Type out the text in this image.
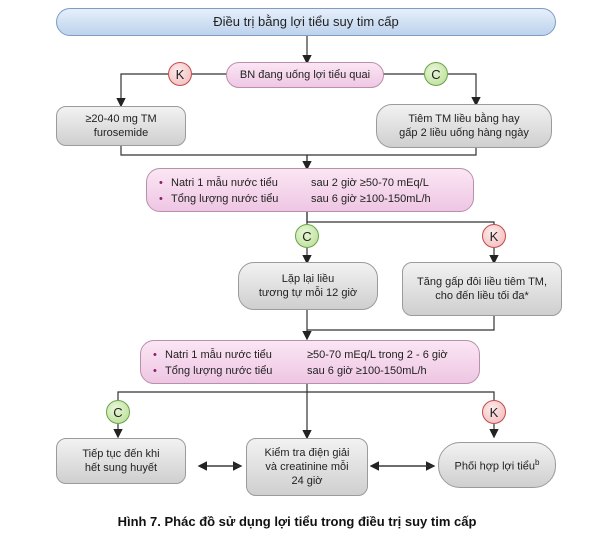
Điều trị bằng lợi tiểu suy tim cấp
BN đang uống lợi tiểu quai
K	C
≥20-40 mg TM
furosemide
Tiêm TM liều bằng hay
gấp 2 liều uống hàng ngày
• Natri 1 mẫu nước tiểu	sau 2 giờ ≥50-70 mEq/L
• Tổng lượng nước tiểu	sau 6 giờ ≥100-150mL/h
C	K
Lặp lại liều
tương tự mỗi 12 giờ
Tăng gấp đôi liều tiêm TM,
cho đến liều tối đa*
• Natri 1 mẫu nước tiểu	≥50-70 mEq/L trong 2 - 6 giờ
• Tổng lượng nước tiểu	sau 6 giờ ≥100-150mL/h
C	K
Tiếp tục đến khi
hết sung huyết
Kiểm tra điện giải
và creatinine mỗi
24 giờ
Phối hợp lợi tiểu$^b$
Hình 7. Phác đồ sử dụng lợi tiểu trong điều trị suy tim cấp
